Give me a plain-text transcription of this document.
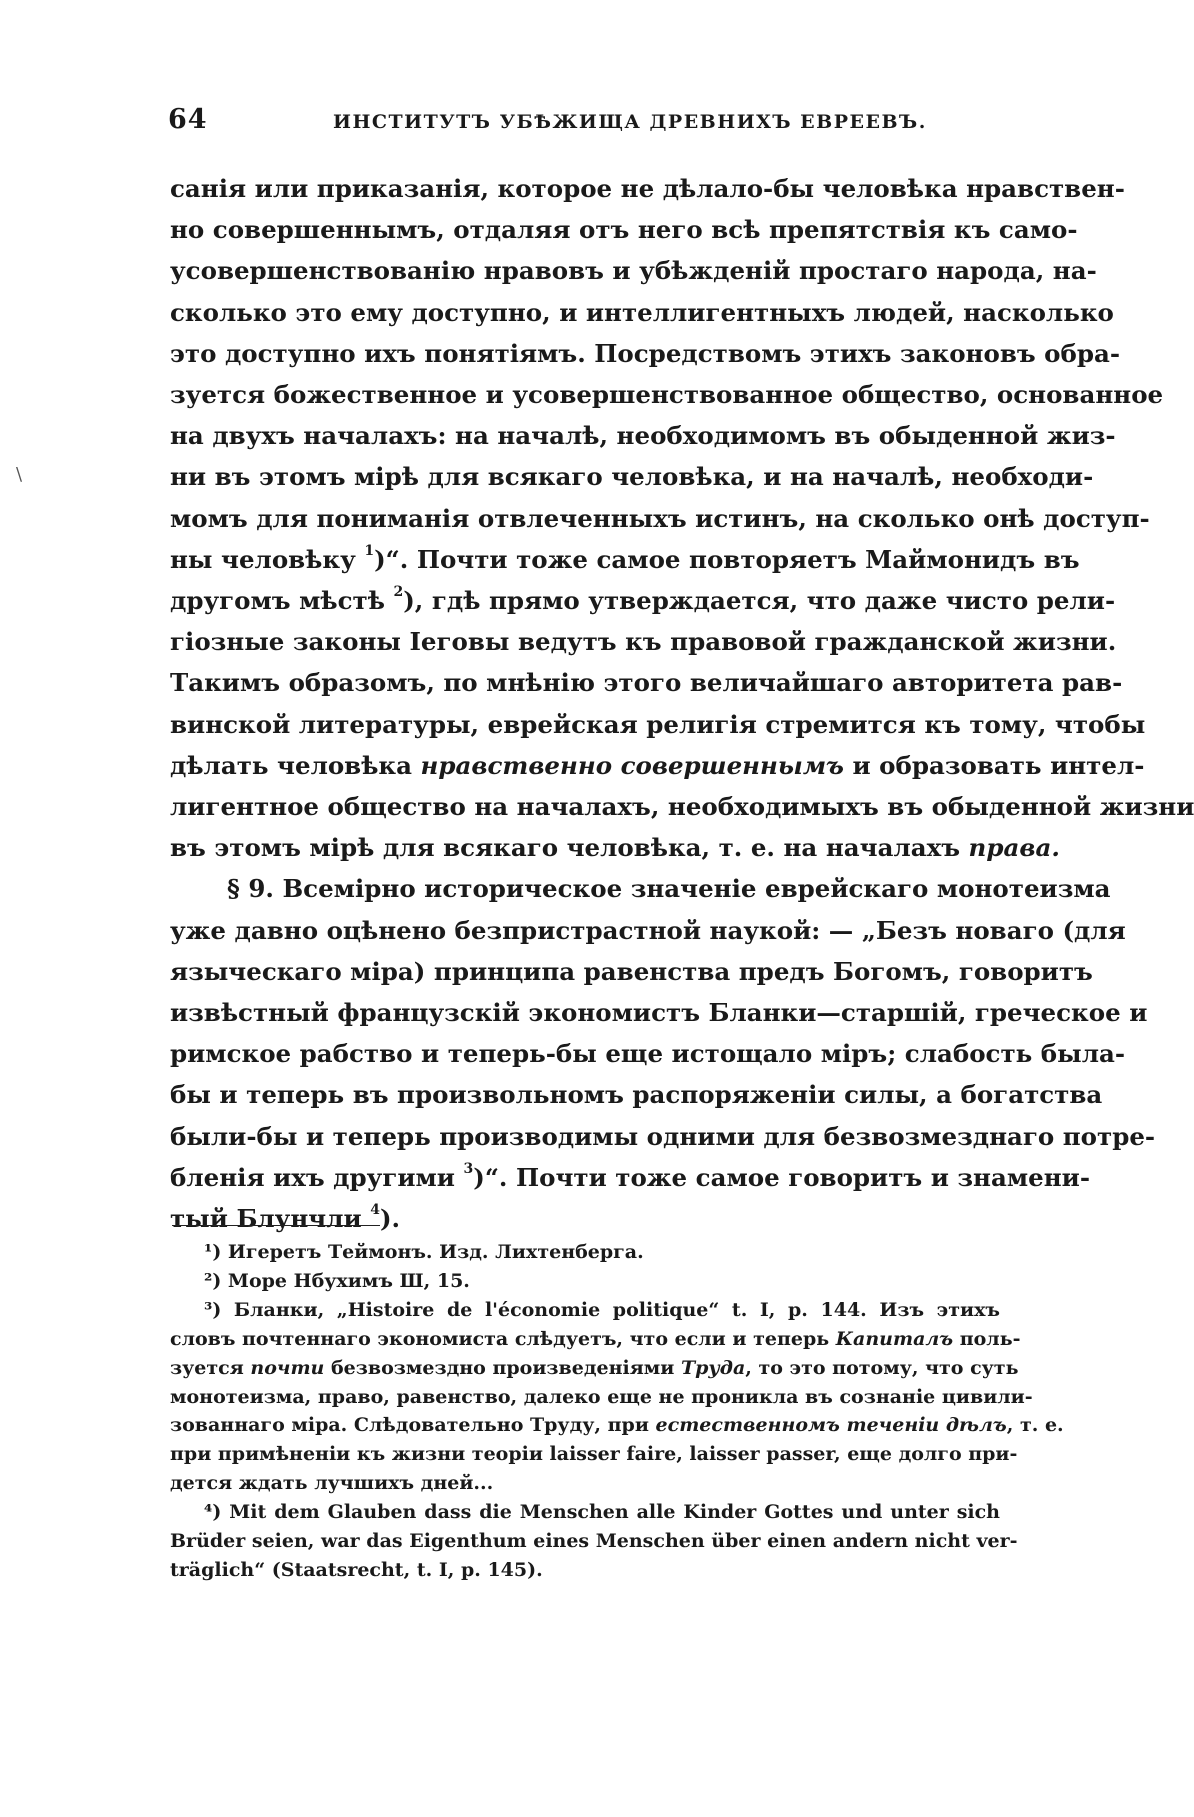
64	ИНСТИТУТЪ УБѢЖИЩА ДРЕВНИХЪ ЕВРЕЕВЪ.
санія или приказанія, которое не дѣлало-бы человѣка нравствен-
но совершеннымъ, отдаляя отъ него всѣ препятствія къ само-
усовершенствованію нравовъ и убѣжденій простаго народа, на-
сколько это ему доступно, и интеллигентныхъ людей, насколько
это доступно ихъ понятіямъ. Посредствомъ этихъ законовъ обра-
зуется божественное и усовершенствованное общество, основанное
на двухъ началахъ: на началѣ, необходимомъ въ обыденной жиз-
ни въ этомъ мірѣ для всякаго человѣка, и на началѣ, необходи-
момъ для пониманія отвлеченныхъ истинъ, на сколько онѣ доступ-
ны человѣку $^1$)“. Почти тоже самое повторяетъ Маймонидъ въ
другомъ мѣстѣ $^2$), гдѣ прямо утверждается, что даже чисто рели-
гіозные законы Іеговы ведутъ къ правовой гражданской жизни.
Такимъ образомъ, по мнѣнію этого величайшаго авторитета рав-
винской литературы, еврейская религія стремится къ тому, чтобы
дѣлать человѣка нравственно совершеннымъ и образовать интел-
лигентное общество на началахъ, необходимыхъ въ обыденной жизни
въ этомъ мірѣ для всякаго человѣка, т. е. на началахъ права.
§ 9. Всемірно историческое значеніе еврейскаго монотеизма
уже давно оцѣнено безпристрастной наукой: — „Безъ новаго (для
языческаго міра) принципа равенства предъ Богомъ, говоритъ
извѣстный французскій экономистъ Бланки—старшій, греческое и
римское рабство и теперь-бы еще истощало міръ; слабость была-
бы и теперь въ произвольномъ распоряженіи силы, а богатства
были-бы и теперь производимы одними для безвозмезднаго потре-
бленія ихъ другими $^3$)“. Почти тоже самое говоритъ и знамени-
тый Блунчли $^4$).
¹) Игеретъ Теймонъ. Изд. Лихтенберга.
²) Море Нбухимъ Ш, 15.
³) Бланки, „Histoire de l'économie politique“ t. I, p. 144. Изъ этихъ
словъ почтеннаго экономиста слѣдуетъ, что если и теперь Капиталъ поль-
зуется почти безвозмездно произведеніями Труда, то это потому, что суть
монотеизма, право, равенство, далеко еще не проникла въ сознаніе цивили-
зованнаго міра. Слѣдовательно Труду, при естественномъ теченіи дѣлъ, т. е.
при примѣненіи къ жизни теоріи laisser faire, laisser passer, еще долго при-
дется ждать лучшихъ дней...
⁴) Mit dem Glauben dass die Menschen alle Kinder Gottes und unter sich
Brüder seien, war das Eigenthum eines Menschen über einen andern nicht ver-
träglich“ (Staatsrecht, t. I, p. 145).
\
